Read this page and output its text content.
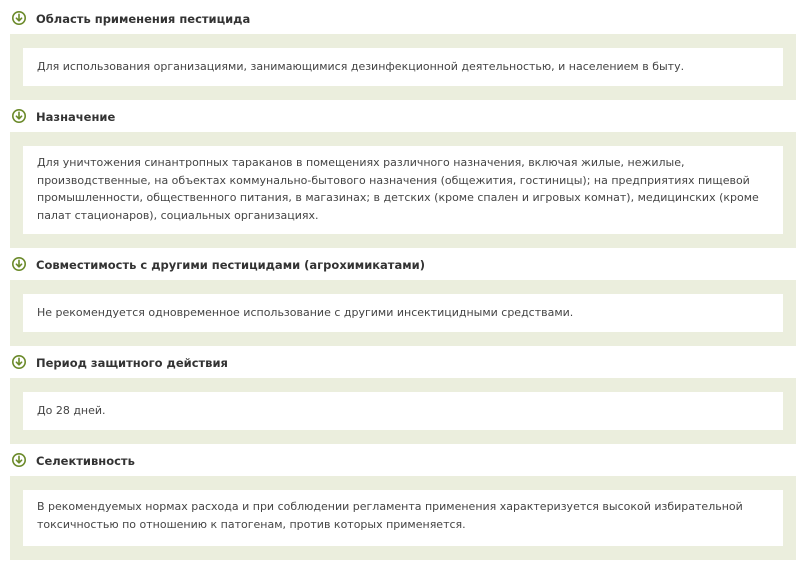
Область применения пестицида

Для использования организациями, занимающимися дезинфекционной деятельностью, и населением в быту.

Назначение

Для уничтожения синантропных тараканов в помещениях различного назначения, включая жилые, нежилые, производственные, на объектах коммунально-бытового назначения (общежития, гостиницы); на предприятиях пищевой промышленности, общественного питания, в магазинах; в детских (кроме спален и игровых комнат), медицинских (кроме палат стационаров), социальных организациях.

Совместимость с другими пестицидами (агрохимикатами)

Не рекомендуется одновременное использование с другими инсектицидными средствами.

Период защитного действия

До 28 дней.

Селективность

В рекомендуемых нормах расхода и при соблюдении регламента применения характеризуется высокой избирательной токсичностью по отношению к патогенам, против которых применяется.
